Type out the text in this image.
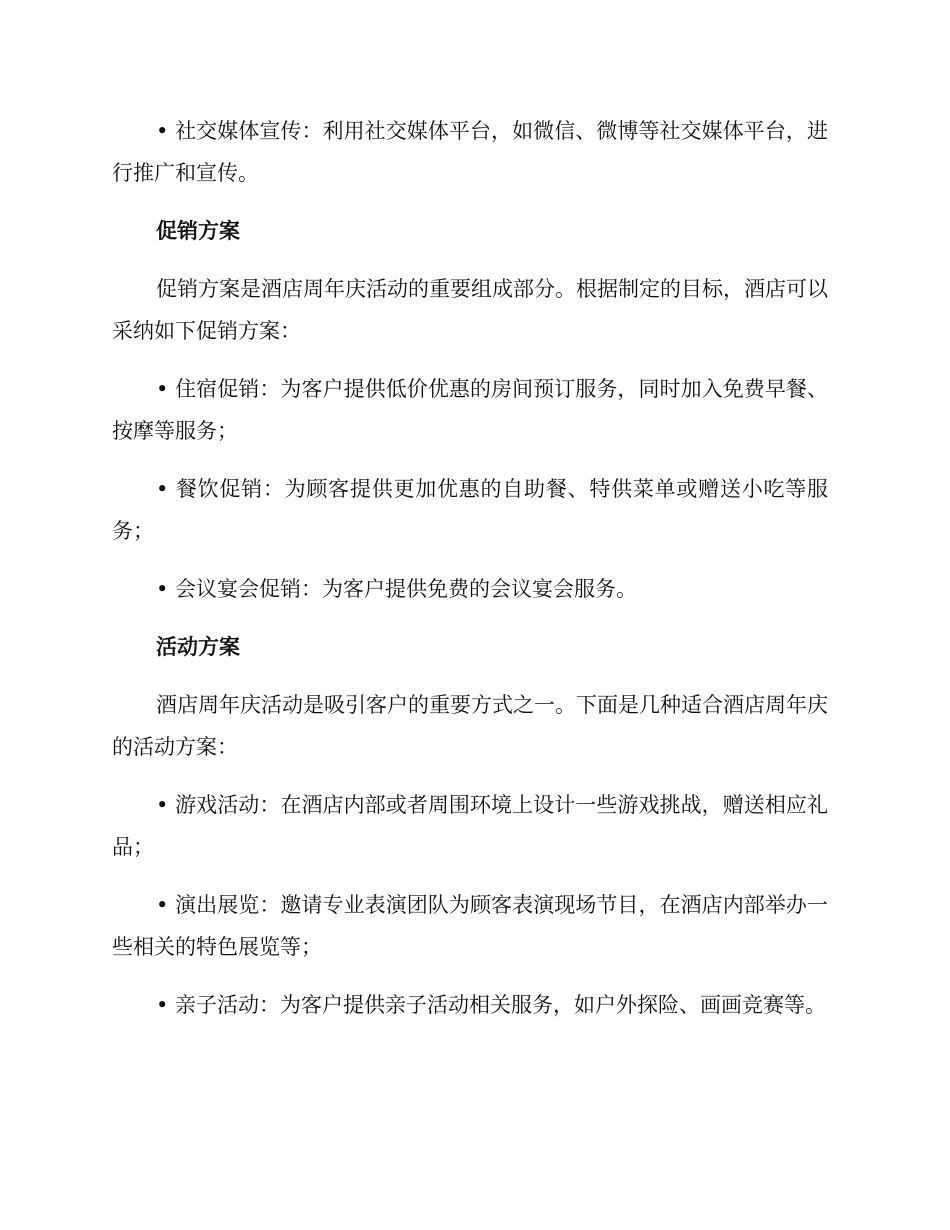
• 社交媒体宣传：利用社交媒体平台，如微信、微博等社交媒体平台，进行推广和宣传。

促销方案

促销方案是酒店周年庆活动的重要组成部分。根据制定的目标，酒店可以采纳如下促销方案：

• 住宿促销：为客户提供低价优惠的房间预订服务，同时加入免费早餐、按摩等服务；

• 餐饮促销：为顾客提供更加优惠的自助餐、特供菜单或赠送小吃等服务；

• 会议宴会促销：为客户提供免费的会议宴会服务。

活动方案

酒店周年庆活动是吸引客户的重要方式之一。下面是几种适合酒店周年庆的活动方案：

• 游戏活动：在酒店内部或者周围环境上设计一些游戏挑战，赠送相应礼品；

• 演出展览：邀请专业表演团队为顾客表演现场节目，在酒店内部举办一些相关的特色展览等；

• 亲子活动：为客户提供亲子活动相关服务，如户外探险、画画竞赛等。
